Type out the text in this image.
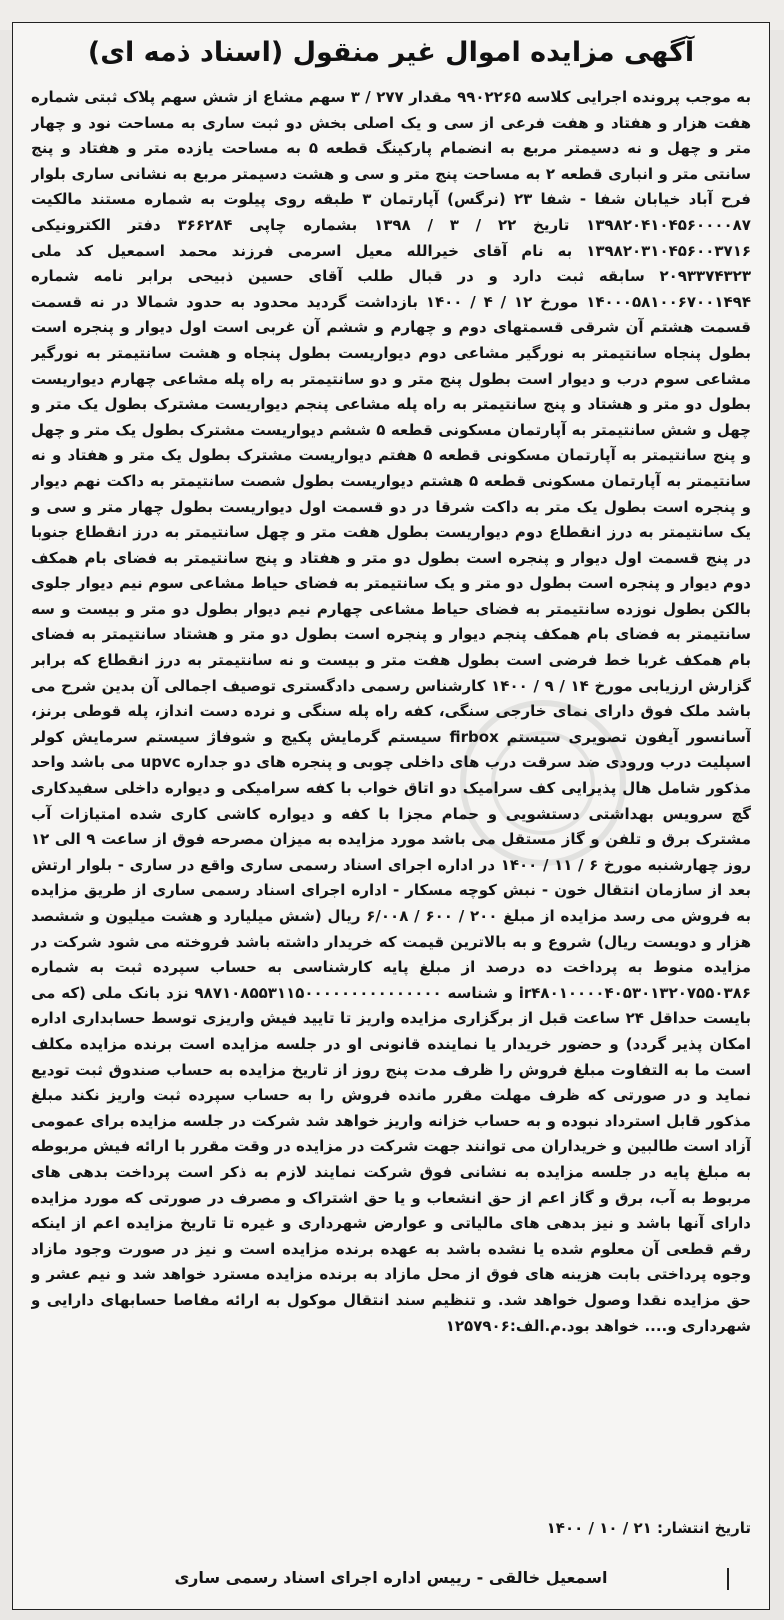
آگهی مزایده اموال غیر منقول (اسناد ذمه ای)

به موجب پرونده اجرایی کلاسه ۹۹۰۲۲۶۵ مقدار ۲۷۷ / ۳ سهم مشاع از شش سهم پلاک ثبتی شماره هفت هزار و هفتاد و هفت فرعی از سی و یک اصلی بخش دو ثبت ساری به مساحت نود و چهار متر و چهل و نه دسیمتر مربع به انضمام پارکینگ قطعه ۵ به مساحت یازده متر و هفتاد و پنج سانتی متر و انباری قطعه ۲ به مساحت پنج متر و سی و هشت دسیمتر مربع به نشانی ساری بلوار فرح آباد خیابان شفا - شفا ۲۳ (نرگس) آپارتمان ۳ طبقه روی پیلوت به شماره مستند مالکیت ۱۳۹۸۲۰۴۱۰۴۵۶۰۰۰۰۸۷ تاریخ ۲۲ / ۳ / ۱۳۹۸ بشماره چاپی ۳۶۶۲۸۴ دفتر الکترونیکی ۱۳۹۸۲۰۳۱۰۴۵۶۰۰۳۷۱۶ به نام آقای خیرالله معیل اسرمی فرزند محمد اسمعیل کد ملی ۲۰۹۳۳۷۴۳۲۳ سابقه ثبت دارد و در قبال طلب آقای حسین ذبیحی برابر نامه شماره ۱۴۰۰۰۵۸۱۰۰۶۷۰۰۱۴۹۴ مورخ ۱۲ / ۴ / ۱۴۰۰ بازداشت گردید محدود به حدود شمالا در نه قسمت قسمت هشتم آن شرقی قسمتهای دوم و چهارم و ششم آن غربی است اول دیوار و پنجره است بطول پنجاه سانتیمتر به نورگیر مشاعی دوم دیواریست بطول پنجاه و هشت سانتیمتر به نورگیر مشاعی سوم درب و دیوار است بطول پنج متر و دو سانتیمتر به راه پله مشاعی چهارم دیواریست بطول دو متر و هشتاد و پنج سانتیمتر به راه پله مشاعی پنجم دیواریست مشترک بطول یک متر و چهل و شش سانتیمتر به آپارتمان مسکونی قطعه ۵ ششم دیواریست مشترک بطول یک متر و چهل و پنج سانتیمتر به آپارتمان مسکونی قطعه ۵ هفتم دیواریست مشترک بطول یک متر و هفتاد و نه سانتیمتر به آپارتمان مسکونی قطعه ۵ هشتم دیواریست بطول شصت سانتیمتر به داکت نهم دیوار و پنجره است بطول یک متر به داکت شرقا در دو قسمت اول دیواریست بطول چهار متر و سی و یک سانتیمتر به درز انقطاع دوم دیواریست بطول هفت متر و چهل سانتیمتر به درز انقطاع جنوبا در پنج قسمت اول دیوار و پنجره است بطول دو متر و هفتاد و پنج سانتیمتر به فضای بام همکف دوم دیوار و پنجره است بطول دو متر و یک سانتیمتر به فضای حیاط مشاعی سوم نیم دیوار جلوی بالکن بطول نوزده سانتیمتر به فضای حیاط مشاعی چهارم نیم دیوار بطول دو متر و بیست و سه سانتیمتر به فضای بام همکف پنجم دیوار و پنجره است بطول دو متر و هشتاد سانتیمتر به فضای بام همکف غربا خط فرضی است بطول هفت متر و بیست و نه سانتیمتر به درز انقطاع که برابر گزارش ارزیابی مورخ ۱۴ / ۹ / ۱۴۰۰ کارشناس رسمی دادگستری توصیف اجمالی آن بدین شرح می باشد ملک فوق دارای نمای خارجی سنگی، کفه راه پله سنگی و نرده دست انداز، پله قوطی برنز، آسانسور آیفون تصویری سیستم firbox سیستم گرمایش پکیج و شوفاژ سیستم سرمایش کولر اسپلیت درب ورودی ضد سرقت درب های داخلی چوبی و پنجره های دو جداره upvc می باشد واحد مذکور شامل هال پذیرایی کف سرامیک دو اتاق خواب با کفه سرامیکی و دیواره داخلی سفیدکاری گچ سرویس بهداشتی دستشویی و حمام مجزا با کفه و دیواره کاشی کاری شده امتیازات آب مشترک برق و تلفن و گاز مستقل می باشد مورد مزایده به میزان مصرحه فوق از ساعت ۹ الی ۱۲ روز چهارشنبه مورخ ۶ / ۱۱ / ۱۴۰۰ در اداره اجرای اسناد رسمی ساری واقع در ساری - بلوار ارتش بعد از سازمان انتقال خون - نبش کوچه مسکار - اداره اجرای اسناد رسمی ساری از طریق مزایده به فروش می رسد مزایده از مبلغ ۲۰۰ / ۶۰۰ / ۶/۰۰۸ ریال (شش میلیارد و هشت میلیون و ششصد هزار و دویست ریال) شروع و به بالاترین قیمت که خریدار داشته باشد فروخته می شود شرکت در مزایده منوط به پرداخت ده درصد از مبلغ پایه کارشناسی به حساب سپرده ثبت به شماره ir۴۸۰۱۰۰۰۰۴۰۵۳۰۱۳۲۰۷۵۵۰۳۸۶ و شناسه ۹۸۷۱۰۸۵۵۳۱۱۵۰۰۰۰۰۰۰۰۰۰۰۰۰۰۰ نزد بانک ملی (که می بایست حداقل ۲۴ ساعت قبل از برگزاری مزایده واریز تا تایید فیش واریزی توسط حسابداری اداره امکان پذیر گردد) و حضور خریدار یا نماینده قانونی او در جلسه مزایده است برنده مزایده مکلف است ما به التفاوت مبلغ فروش را ظرف مدت پنج روز از تاریخ مزایده به حساب صندوق ثبت تودیع نماید و در صورتی که ظرف مهلت مقرر مانده فروش را به حساب سپرده ثبت واریز نکند مبلغ مذکور قابل استرداد نبوده و به حساب خزانه واریز خواهد شد شرکت در جلسه مزایده برای عمومی آزاد است طالبین و خریداران می توانند جهت شرکت در مزایده در وقت مقرر با ارائه فیش مربوطه به مبلغ پایه در جلسه مزایده به نشانی فوق شرکت نمایند لازم به ذکر است پرداخت بدهی های مربوط به آب، برق و گاز اعم از حق انشعاب و یا حق اشتراک و مصرف در صورتی که مورد مزایده دارای آنها باشد و نیز بدهی های مالیاتی و عوارض شهرداری و غیره تا تاریخ مزایده اعم از اینکه رقم قطعی آن معلوم شده یا نشده باشد به عهده برنده مزایده است و نیز در صورت وجود مازاد وجوه پرداختی بابت هزینه های فوق از محل مازاد به برنده مزایده مسترد خواهد شد و نیم عشر و حق مزایده نقدا وصول خواهد شد. و تنظیم سند انتقال موکول به ارائه مفاصا حسابهای دارایی و شهرداری و.... خواهد بود.م.الف:۱۲۵۷۹۰۶

تاریخ انتشار: ۲۱ / ۱۰ / ۱۴۰۰
اسمعیل خالقی - رییس اداره اجرای اسناد رسمی ساری
